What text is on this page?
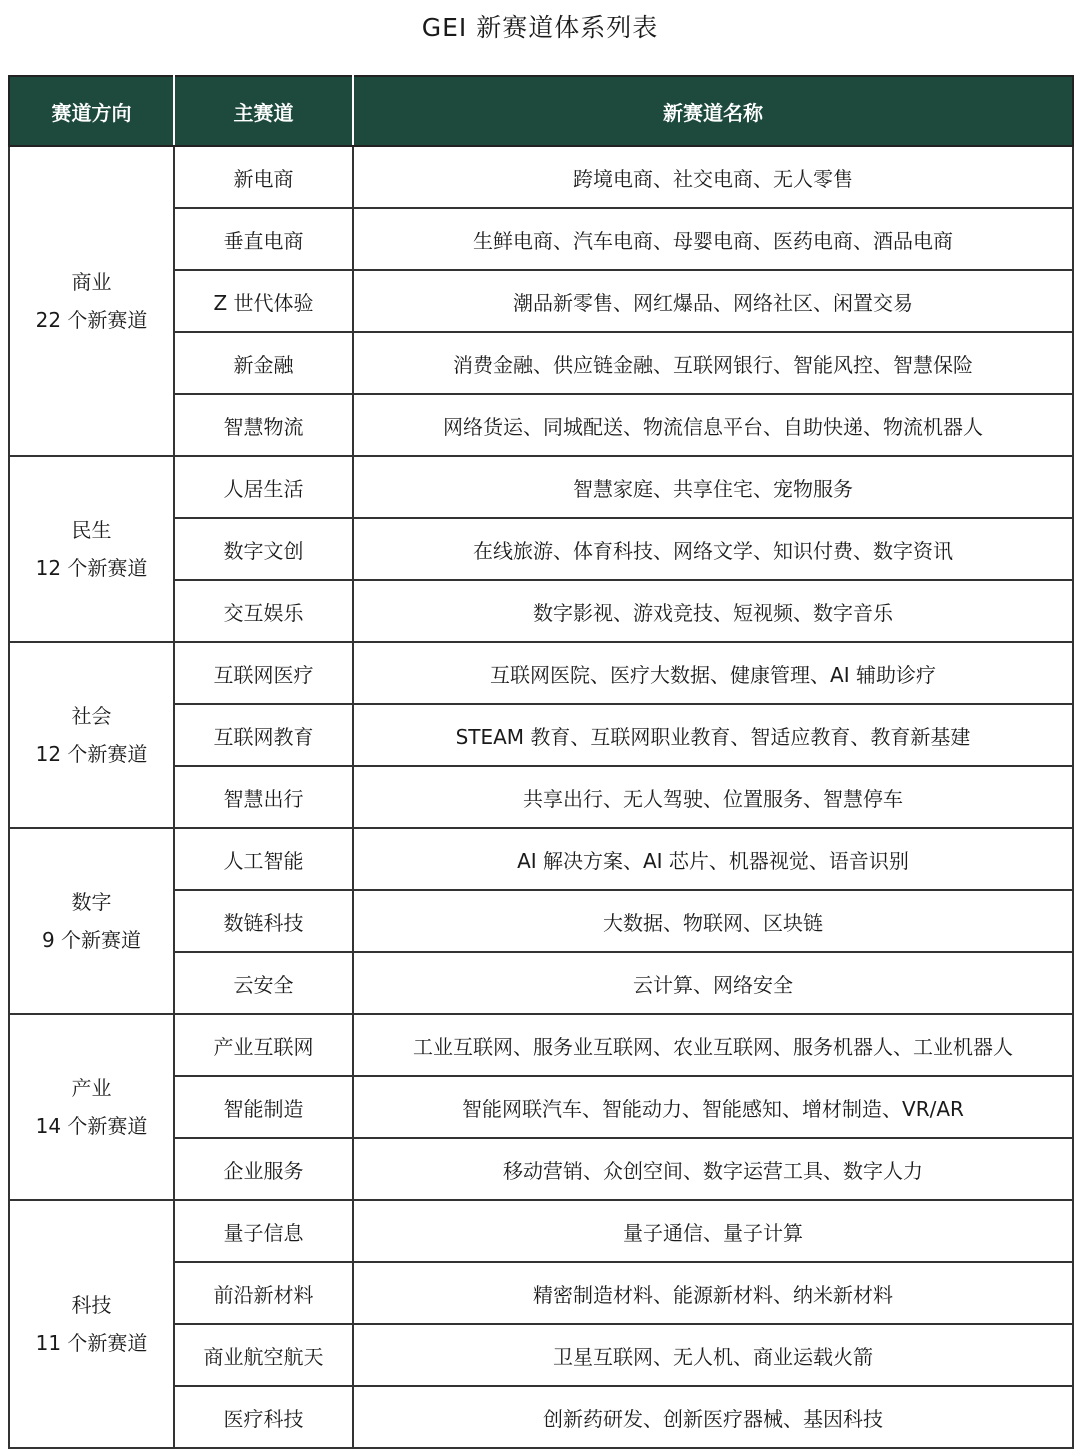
GEI 新赛道体系列表
赛道方向	主赛道	新赛道名称

商业
22 个新赛道	新电商	跨境电商、社交电商、无人零售
	垂直电商	生鲜电商、汽车电商、母婴电商、医药电商、酒品电商
	Z 世代体验	潮品新零售、网红爆品、网络社区、闲置交易
	新金融	消费金融、供应链金融、互联网银行、智能风控、智慧保险
	智慧物流	网络货运、同城配送、物流信息平台、自助快递、物流机器人

民生
12 个新赛道	人居生活	智慧家庭、共享住宅、宠物服务
	数字文创	在线旅游、体育科技、网络文学、知识付费、数字资讯
	交互娱乐	数字影视、游戏竞技、短视频、数字音乐

社会
12 个新赛道	互联网医疗	互联网医院、医疗大数据、健康管理、AI 辅助诊疗
	互联网教育	STEAM 教育、互联网职业教育、智适应教育、教育新基建
	智慧出行	共享出行、无人驾驶、位置服务、智慧停车

数字
9 个新赛道	人工智能	AI 解决方案、AI 芯片、机器视觉、语音识别
	数链科技	大数据、物联网、区块链
	云安全	云计算、网络安全

产业
14 个新赛道	产业互联网	工业互联网、服务业互联网、农业互联网、服务机器人、工业机器人
	智能制造	智能网联汽车、智能动力、智能感知、增材制造、VR/AR
	企业服务	移动营销、众创空间、数字运营工具、数字人力

科技
11 个新赛道	量子信息	量子通信、量子计算
	前沿新材料	精密制造材料、能源新材料、纳米新材料
	商业航空航天	卫星互联网、无人机、商业运载火箭
	医疗科技	创新药研发、创新医疗器械、基因科技
